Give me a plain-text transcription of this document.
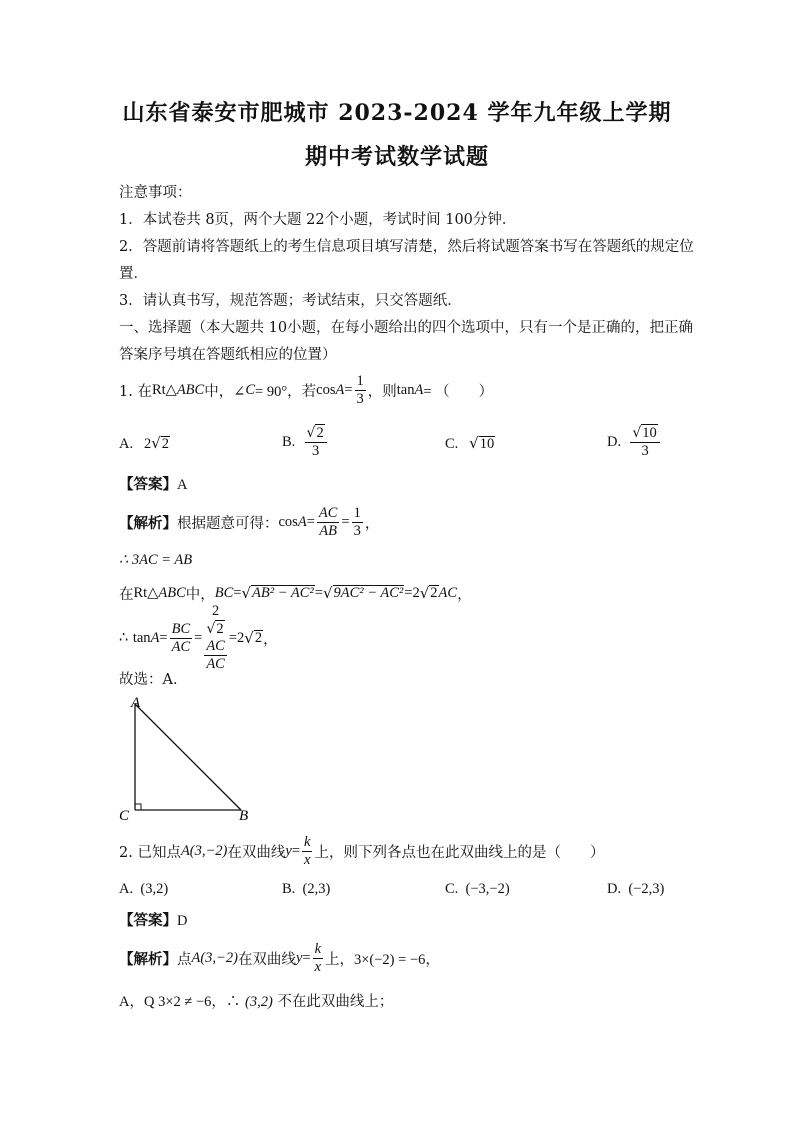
山东省泰安市肥城市 2023-2024 学年九年级上学期
期中考试数学试题
注意事项：
1．本试卷共 8页，两个大题 22个小题，考试时间 100分钟．
2．答题前请将答题纸上的考生信息项目填写清楚，然后将试题答案书写在答题纸的规定位
置．
3．请认真书写，规范答题；考试结束，只交答题纸．
一、选择题（本大题共 10小题，在每小题给出的四个选项中，只有一个是正确的，把正确
答案序号填在答题纸相应的位置）
1. 在 Rt△ ABC 中，∠ C = 90°，若 $\cos A = \frac{1}{3}$ ，则 tan A = （　　）
A. 2√2	B.
$\frac{√2}{3}$	C. √10	D.
$\frac{√10}{3}$
【答案】A
【解析】 根据题意可得： $\cos A = \frac{AC}{AB} = \frac{1}{3}$ ，
∴ 3AC = AB
在 Rt△ ABC 中， BC = √ AB² − AC² = √ 9AC² − AC² = 2 √ 2 AC ，
∴
$\tan A = \frac{BC}{AC} = 2$
√2
AC
AC = 2 √ 2 ，
故选：A．
A
C	B
2. 已知点 A(3,−2) 在双曲线 $y = \frac{k}{x}$ 上，则下列各点也在此双曲线上的是（　　）
A. (3,2)	B. (2,3)	C. (−3,−2)	D. (−2,3)
【答案】D
【解析】 点 A(3,−2) 在双曲线 $y = \frac{k}{x}$ 上， 3×(−2) = −6，
A，Q 3×2 ≠ −6，∴ (3,2) 不在此双曲线上；
